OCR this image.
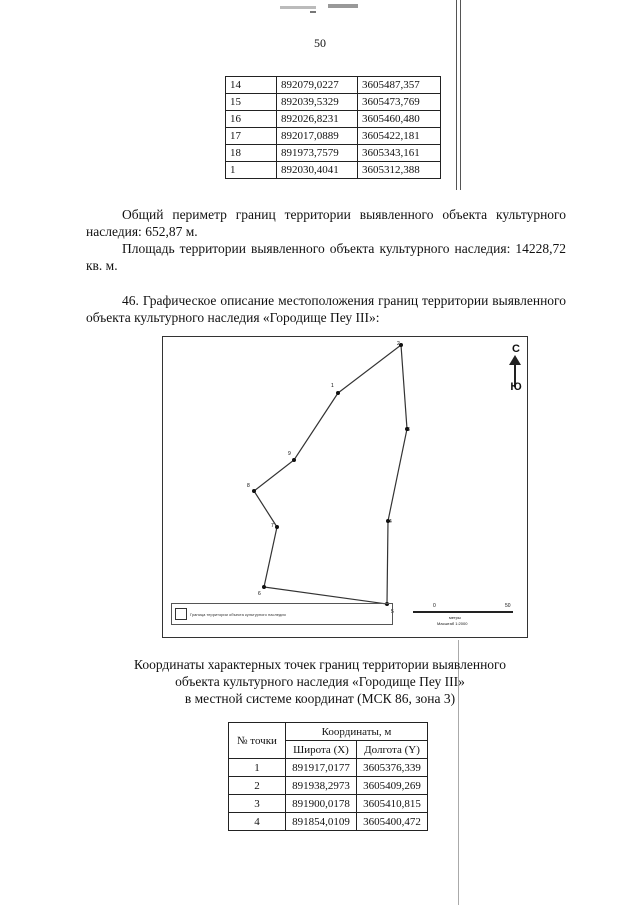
50
14	892079,0227	3605487,357
15	892039,5329	3605473,769
16	892026,8231	3605460,480
17	892017,0889	3605422,181
18	891973,7579	3605343,161
1	892030,4041	3605312,388
Общий периметр границ территории выявленного объекта культурного наследия: 652,87 м.
Площадь территории выявленного объекта культурного наследия: 14228,72 кв. м.
46. Графическое описание местоположения границ территории выявленного объекта культурного наследия «Городище Пеу III»:
1
2
3
4
5
6
7
8
9
С
Ю
Граница территории объекта культурного наследия
0	50
метры
Масштаб 1:2000
Координаты характерных точек границ территории выявленного
объекта культурного наследия «Городище Пеу III»
в местной системе координат (МСК 86, зона 3)
№ точки	Координаты, м	
	Широта (X)	Долгота (Y)
1	891917,0177	3605376,339
2	891938,2973	3605409,269
3	891900,0178	3605410,815
4	891854,0109	3605400,472
